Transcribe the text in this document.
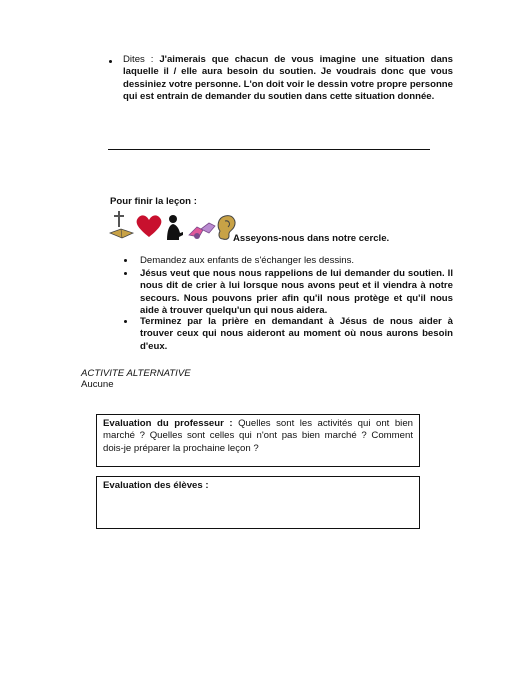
Dites : J'aimerais que chacun de vous imagine une situation dans laquelle il / elle aura besoin du soutien. Je voudrais donc que vous dessiniez votre personne. L'on doit voir le dessin votre propre personne qui est entrain de demander du soutien dans cette situation donnée.
Pour finir la leçon :
Asseyons-nous dans notre cercle.
Demandez aux enfants de s'échanger les dessins.
Jésus veut que nous nous rappelions de lui demander du soutien. Il nous dit de crier à lui lorsque nous avons peut et il viendra à notre secours. Nous pouvons prier afin qu'il nous protège et qu'il nous aide à trouver quelqu'un qui nous aidera.
Terminez par la prière en demandant à Jésus de nous aider à trouver ceux qui nous aideront au moment où nous aurons besoin d'eux.
ACTIVITE ALTERNATIVE
Aucune
Evaluation du professeur : Quelles sont les activités qui ont bien marché ? Quelles sont celles qui n'ont pas bien marché ? Comment dois-je préparer la prochaine leçon ?
Evaluation des élèves :
